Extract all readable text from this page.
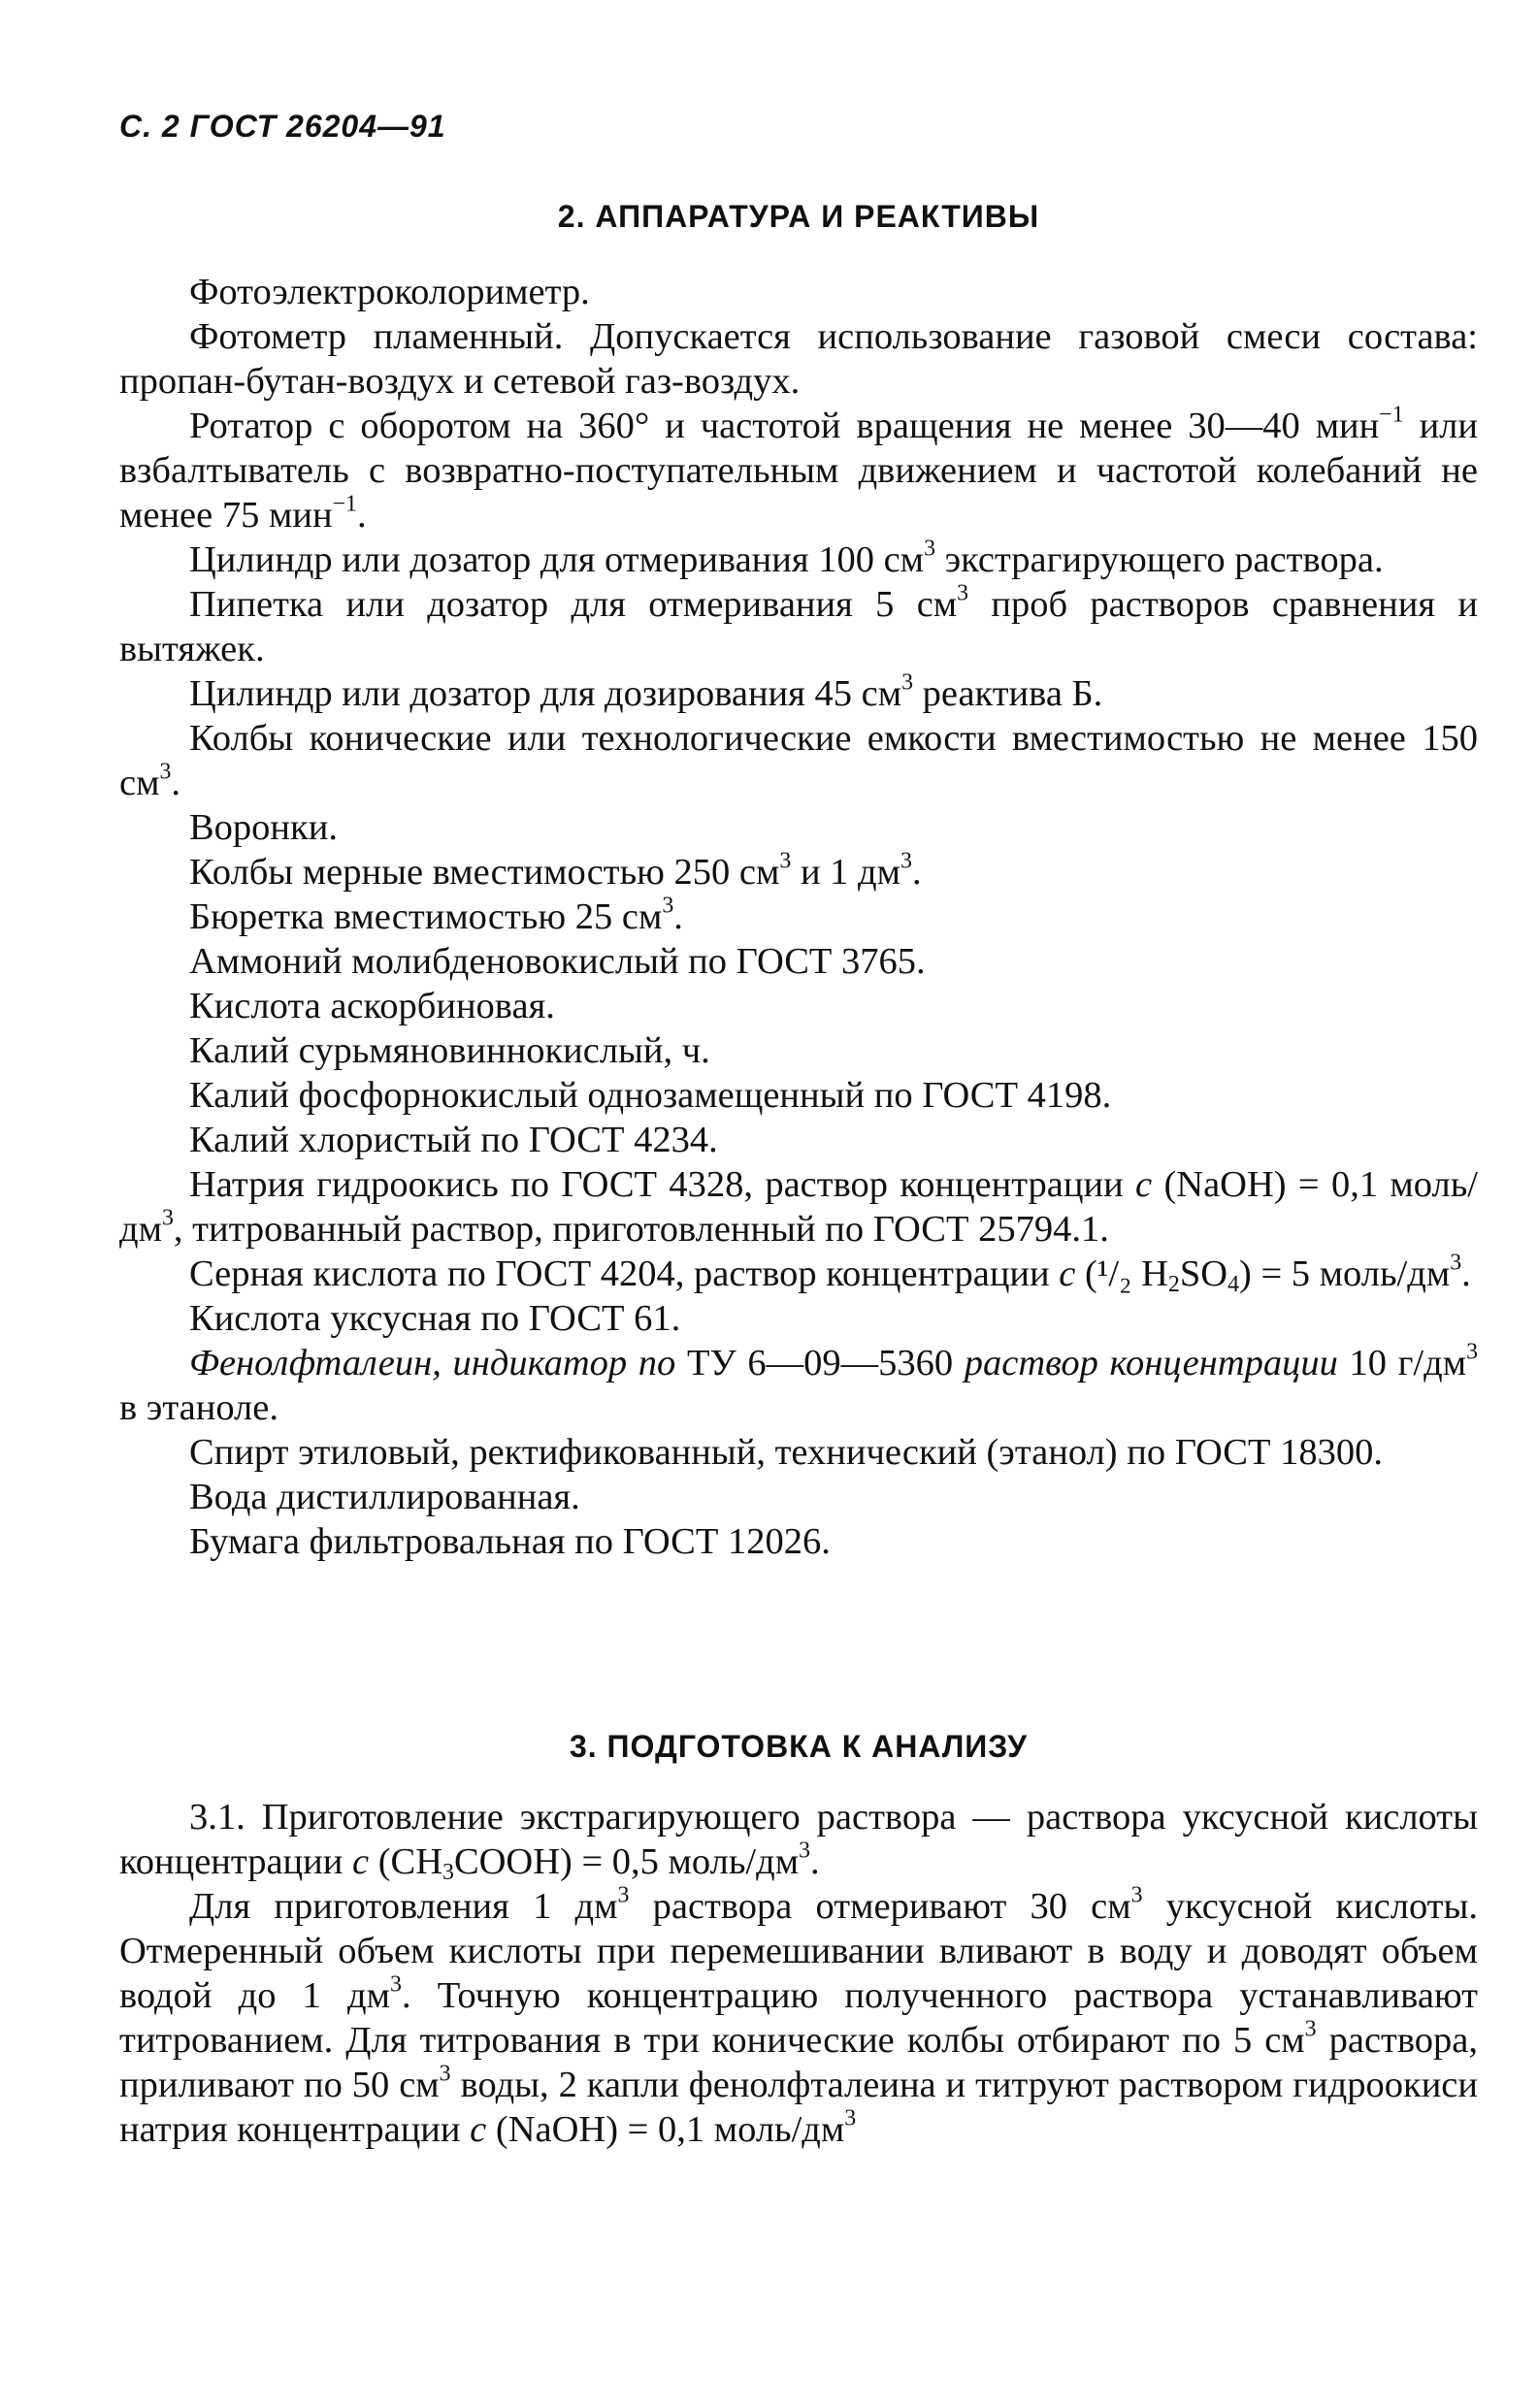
С. 2 ГОСТ 26204—91
2. АППАРАТУРА И РЕАКТИВЫ

Фотоэлектроколориметр.

Фотометр пламенный. Допускается использование газовой смеси состава: пропан-бутан-воздух и сетевой газ-воздух.

Ротатор с оборотом на 360° и частотой вращения не менее 30—40 мин$^{-1}$ или взбалтыватель с возвратно-поступательным движением и частотой колебаний не менее 75 мин$^{-1}$.

Цилиндр или дозатор для отмеривания 100 $см^3$ экстрагирующего раствора.

Пипетка или дозатор для отмеривания 5 $см^3$ проб растворов сравнения и вытяжек.

Цилиндр или дозатор для дозирования 45 $см^3$ реактива Б.

Колбы конические или технологические емкости вместимостью не менее 150 $см^3$.

Воронки.

Колбы мерные вместимостью 250 $см^3$ и 1 $дм^3$.

Бюретка вместимостью 25 $см^3$.

Аммоний молибденовокислый по ГОСТ 3765.

Кислота аскорбиновая.

Калий сурьмяновиннокислый, ч.

Калий фосфорнокислый однозамещенный по ГОСТ 4198.

Калий хлористый по ГОСТ 4234.

Натрия гидроокись по ГОСТ 4328, раствор концентрации с (NaOH) = 0,1 моль/$дм^3$, титрованный раствор, приготовленный по ГОСТ 25794.1.

Серная кислота по ГОСТ 4204, раствор концентрации с (¹/₂ $H_2SO_4) = 5$ моль/$дм^3$.

Кислота уксусная по ГОСТ 61.

Фенолфталеин, индикатор по ТУ 6—09—5360 раствор концентрации 10 $г/дм^3$ в этаноле.

Спирт этиловый, ректификованный, технический (этанол) по ГОСТ 18300.

Вода дистиллированная.

Бумага фильтровальная по ГОСТ 12026.

3. ПОДГОТОВКА К АНАЛИЗУ

3.1. Приготовление экстрагирующего раствора — раствора уксусной кислоты концентрации с $(CH_3COOH) = 0,5$ моль/$дм^3$.

Для приготовления 1 $дм^3$ раствора отмеривают 30 $см^3$ уксусной кислоты. Отмеренный объем кислоты при перемешивании вливают в воду и доводят объем водой до 1 $дм^3$. Точную концентрацию полученного раствора устанавливают титрованием. Для титрования в три конические колбы отбирают по 5 $см^3$ раствора, приливают по 50 $см^3$ воды, 2 капли фенолфталеина и титруют раствором гидроокиси натрия концентрации с (NaOH) = 0,1 моль/$дм^3$
